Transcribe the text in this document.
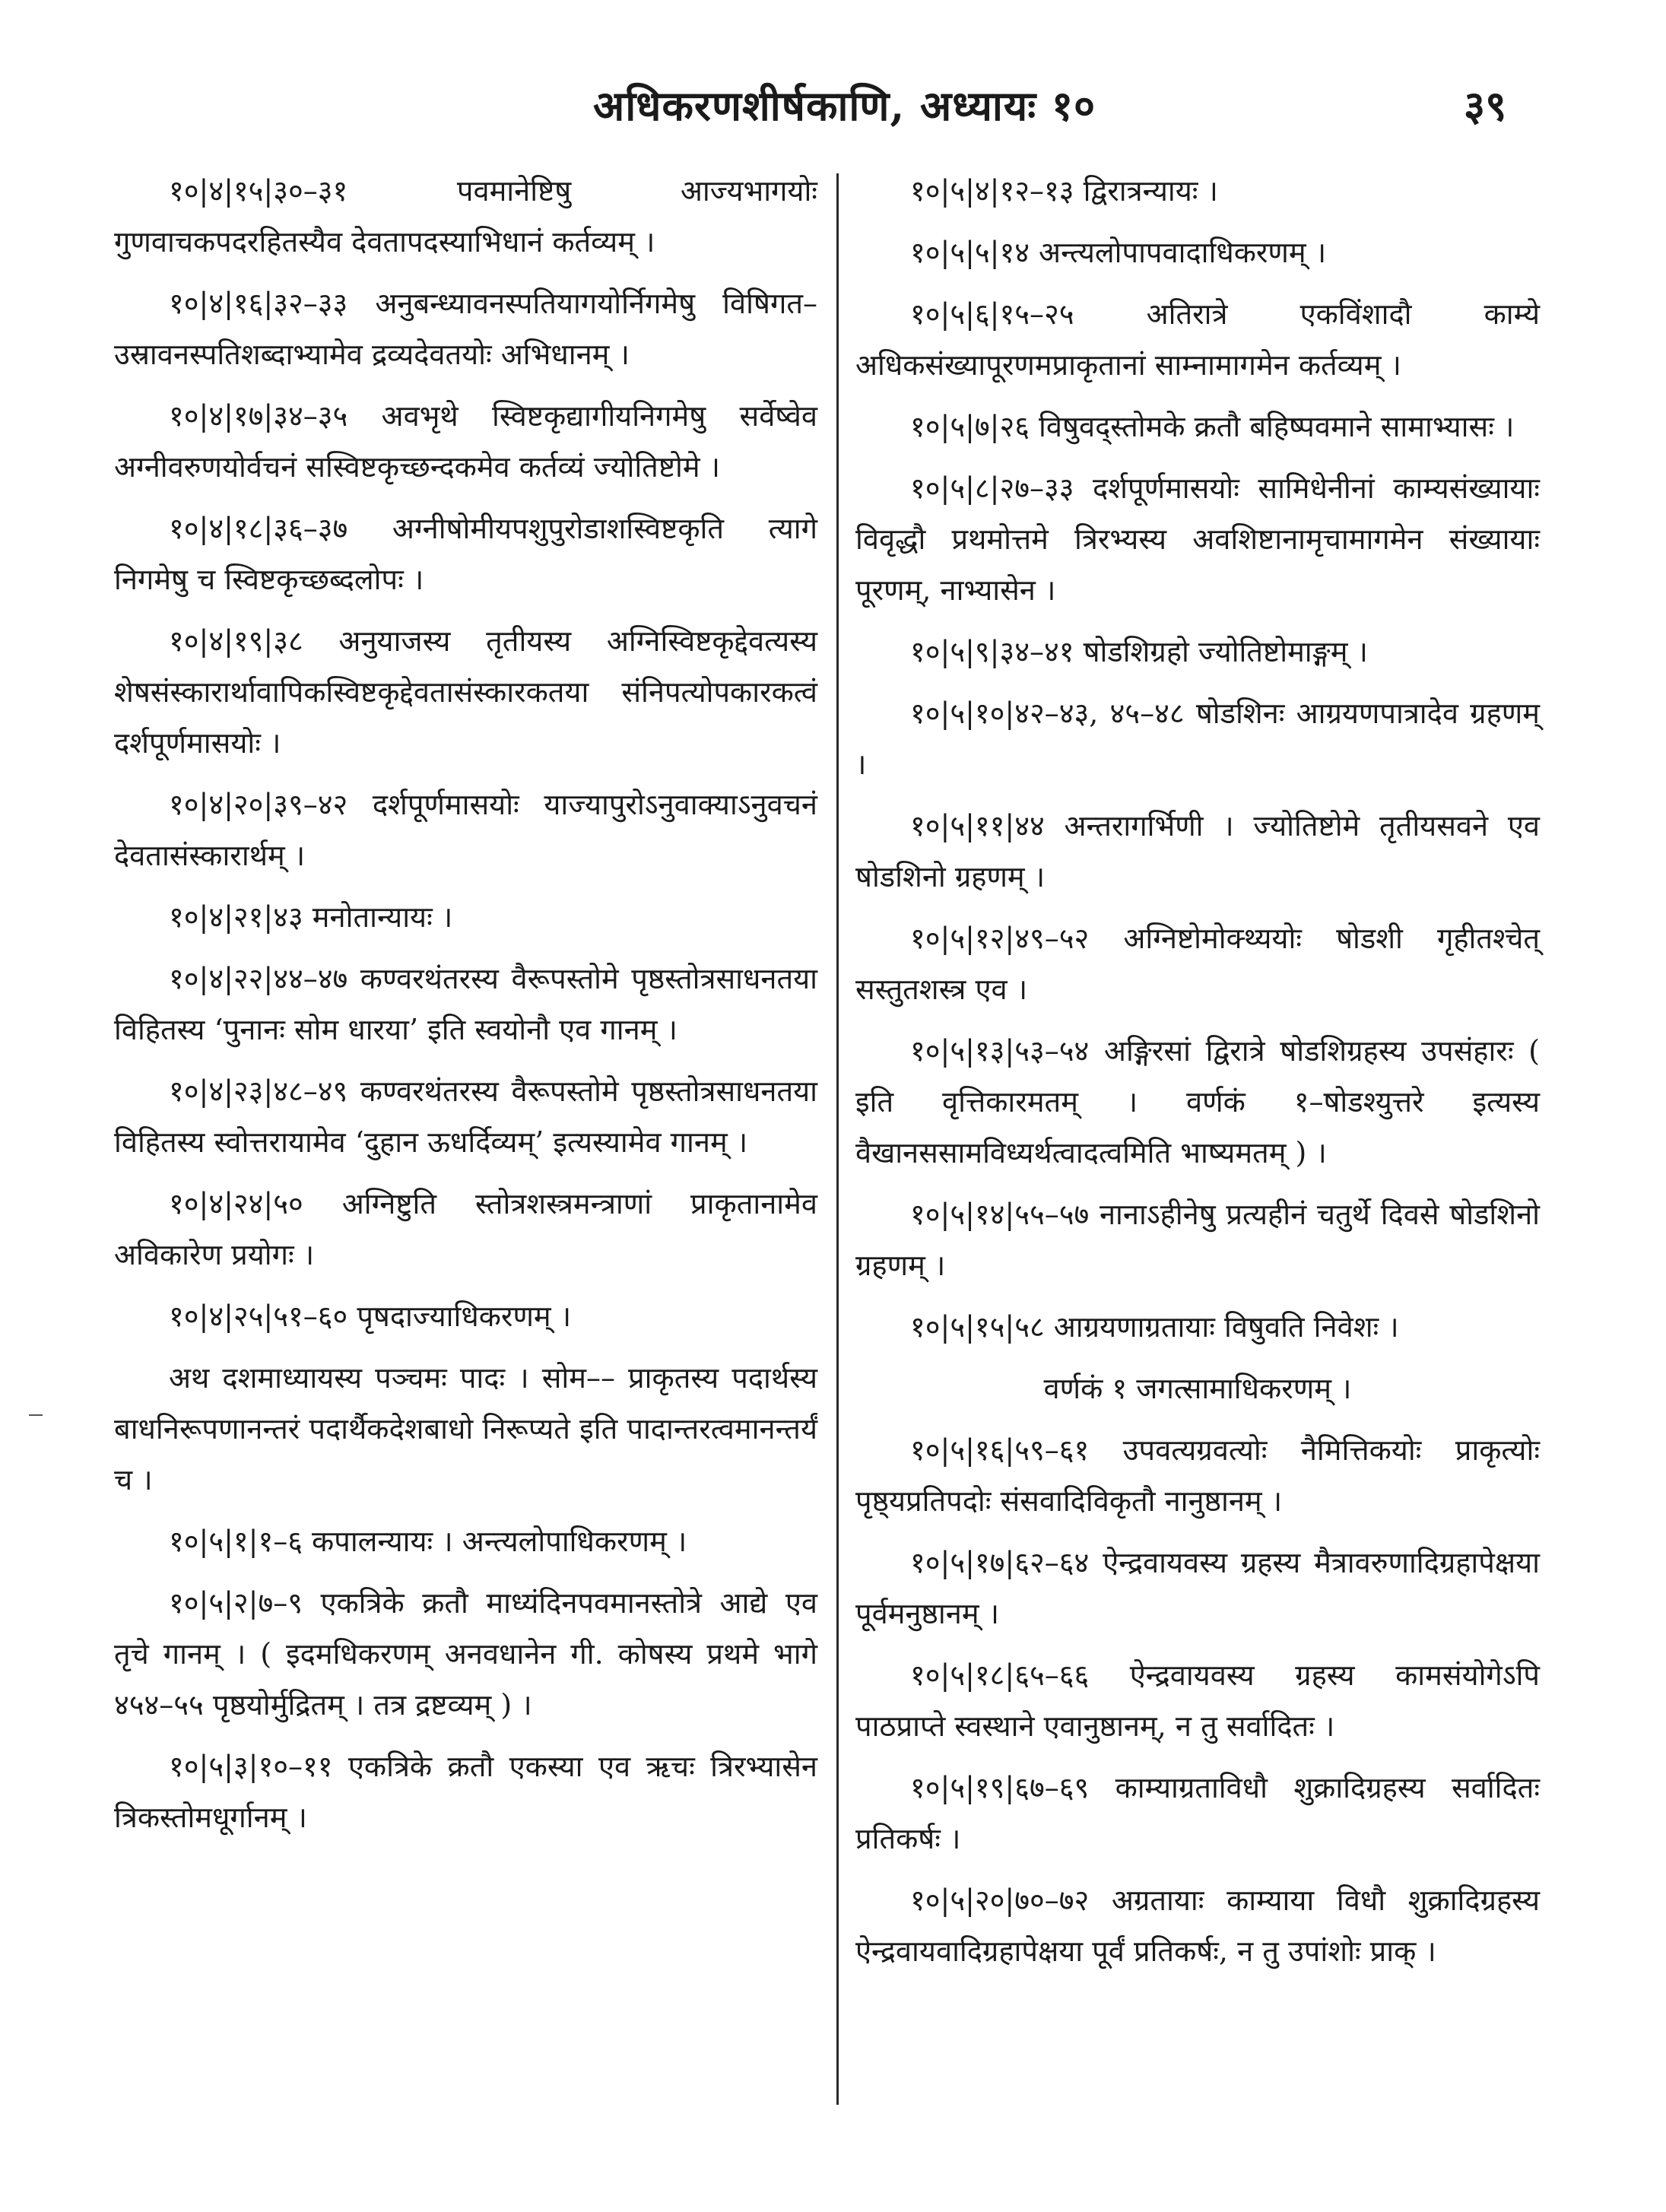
अधिकरणशीर्षकाणि, अध्यायः १०	३९

१०|४|१५|३०–३१ पवमानेष्टिषु आज्यभागयोः गुणवाचकपदरहितस्यैव देवतापदस्याभिधानं कर्तव्यम् ।

१०|४|१६|३२–३३ अनुबन्ध्यावनस्पतियागयोर्निगमेषु विषिगत– उस्रावनस्पतिशब्दाभ्यामेव द्रव्यदेवतयोः अभिधानम् ।

१०|४|१७|३४–३५ अवभृथे स्विष्टकृद्यागीयनिगमेषु सर्वेष्वेव अग्नीवरुणयोर्वचनं सस्विष्टकृच्छन्दकमेव कर्तव्यं ज्योतिष्टोमे ।

१०|४|१८|३६–३७ अग्नीषोमीयपशुपुरोडाशस्विष्टकृति त्यागे निगमेषु च स्विष्टकृच्छब्दलोपः ।

१०|४|१९|३८ अनुयाजस्य तृतीयस्य अग्निस्विष्टकृद्देवत्यस्य शेषसंस्कारार्थावापिकस्विष्टकृद्देवतासंस्कारकतया संनिपत्योपकारकत्वं दर्शपूर्णमासयोः ।

१०|४|२०|३९–४२ दर्शपूर्णमासयोः याज्यापुरोऽनुवाक्याऽनुवचनं देवतासंस्कारार्थम् ।

१०|४|२१|४३ मनोतान्यायः ।

१०|४|२२|४४–४७ कण्वरथंतरस्य वैरूपस्तोमे पृष्ठस्तोत्रसाधनतया विहितस्य ‘पुनानः सोम धारया’ इति स्वयोनौ एव गानम् ।

१०|४|२३|४८–४९ कण्वरथंतरस्य वैरूपस्तोमे पृष्ठस्तोत्रसाधनतया विहितस्य स्वोत्तरायामेव ‘दुहान ऊधर्दिव्यम्’ इत्यस्यामेव गानम् ।

१०|४|२४|५० अग्निष्टुति स्तोत्रशस्त्रमन्त्राणां प्राकृतानामेव अविकारेण प्रयोगः ।

१०|४|२५|५१–६० पृषदाज्याधिकरणम् ।

अथ दशमाध्यायस्य पञ्चमः पादः । सोम–– प्राकृतस्य पदार्थस्य बाधनिरूपणानन्तरं पदार्थैकदेशबाधो निरूप्यते इति पादान्तरत्वमानन्तर्यं च ।

१०|५|१|१–६ कपालन्यायः । अन्त्यलोपाधिकरणम् ।

१०|५|२|७–९ एकत्रिके क्रतौ माध्यंदिनपवमानस्तोत्रे आद्ये एव तृचे गानम् । ( इदमधिकरणम् अनवधानेन गी. कोषस्य प्रथमे भागे ४५४–५५ पृष्ठयोर्मुद्रितम् । तत्र द्रष्टव्यम् ) ।

१०|५|३|१०–११ एकत्रिके क्रतौ एकस्या एव ऋचः त्रिरभ्यासेन त्रिकस्तोमधूर्गानम् ।

१०|५|४|१२–१३ द्विरात्रन्यायः ।

१०|५|५|१४ अन्त्यलोपापवादाधिकरणम् ।

१०|५|६|१५–२५ अतिरात्रे एकविंशादौ काम्ये अधिकसंख्यापूरणमप्राकृतानां साम्नामागमेन कर्तव्यम् ।

१०|५|७|२६ विषुवद्‌स्तोमके क्रतौ बहिष्पवमाने सामाभ्यासः ।

१०|५|८|२७–३३ दर्शपूर्णमासयोः सामिधेनीनां काम्यसंख्यायाः विवृद्धौ प्रथमोत्तमे त्रिरभ्यस्य अवशिष्टानामृचामागमेन संख्यायाः पूरणम्, नाभ्यासेन ।

१०|५|९|३४–४१ षोडशिग्रहो ज्योतिष्टोमाङ्गम् ।

१०|५|१०|४२–४३, ४५–४८ षोडशिनः आग्रयणपात्रादेव ग्रहणम् ।

१०|५|११|४४ अन्तरागर्भिणी । ज्योतिष्टोमे तृतीयसवने एव षोडशिनो ग्रहणम् ।

१०|५|१२|४९–५२ अग्निष्टोमोक्थ्ययोः षोडशी गृहीतश्चेत् सस्तुतशस्त्र एव ।

१०|५|१३|५३–५४ अङ्गिरसां द्विरात्रे षोडशिग्रहस्य उपसंहारः ( इति वृत्तिकारमतम् । वर्णकं १–षोडश्युत्तरे इत्यस्य वैखानससामविध्यर्थत्वादत्वमिति भाष्यमतम् ) ।

१०|५|१४|५५–५७ नानाऽहीनेषु प्रत्यहीनं चतुर्थे दिवसे षोडशिनो ग्रहणम् ।

१०|५|१५|५८ आग्रयणाग्रतायाः विषुवति निवेशः ।

वर्णकं १ जगत्सामाधिकरणम् ।

१०|५|१६|५९–६१ उपवत्यग्रवत्योः नैमित्तिकयोः प्राकृत्योः पृष्ठ्यप्रतिपदोः संसवादिविकृतौ नानुष्ठानम् ।

१०|५|१७|६२–६४ ऐन्द्रवायवस्य ग्रहस्य मैत्रावरुणादिग्रहापेक्षया पूर्वमनुष्ठानम् ।

१०|५|१८|६५–६६ ऐन्द्रवायवस्य ग्रहस्य कामसंयोगेऽपि पाठप्राप्ते स्वस्थाने एवानुष्ठानम्, न तु सर्वादितः ।

१०|५|१९|६७–६९ काम्याग्रताविधौ शुक्रादिग्रहस्य सर्वादितः प्रतिकर्षः ।

१०|५|२०|७०–७२ अग्रतायाः काम्याया विधौ शुक्रादिग्रहस्य ऐन्द्रवायवादिग्रहापेक्षया पूर्वं प्रतिकर्षः, न तु उपांशोः प्राक् ।
